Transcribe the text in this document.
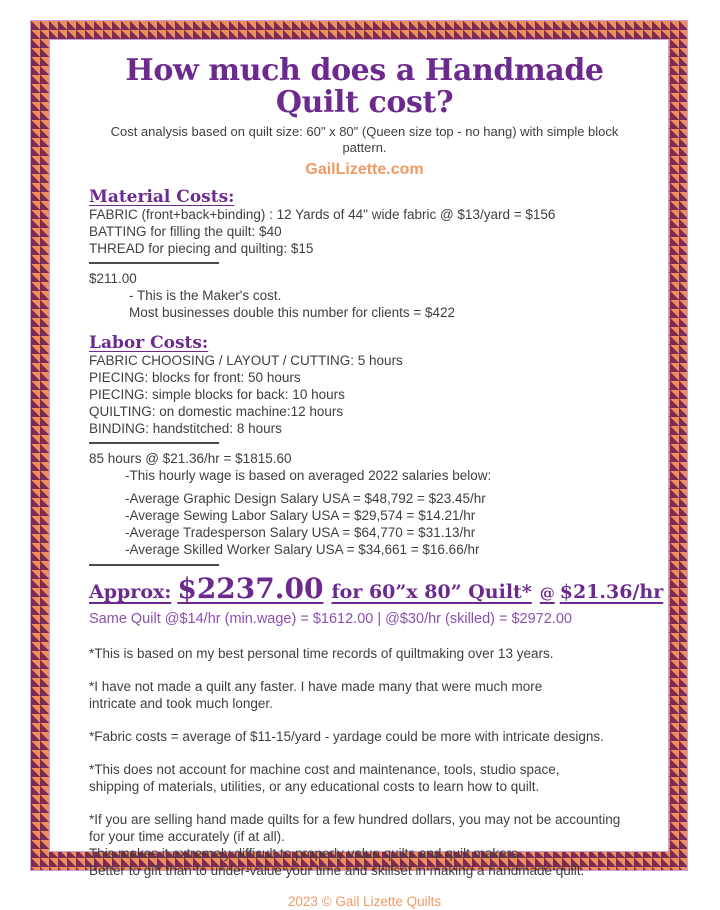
How much does a Handmade Quilt cost?

Cost analysis based on quilt size: 60" x 80" (Queen size top - no hang) with simple block pattern.

GailLizette.com
Material Costs:
FABRIC (front+back+binding) : 12 Yards of 44" wide fabric @ $13/yard = $156
BATTING for filling the quilt: $40
THREAD for piecing and quilting: $15
$211.00
- This is the Maker's cost.
Most businesses double this number for clients = $422
Labor Costs:
FABRIC CHOOSING / LAYOUT / CUTTING: 5 hours
PIECING: blocks for front: 50 hours
PIECING: simple blocks for back: 10 hours
QUILTING: on domestic machine:12 hours
BINDING: handstitched: 8 hours
85 hours @ $21.36/hr = $1815.60
-This hourly wage is based on averaged 2022 salaries below:
-Average Graphic Design Salary USA = $48,792 = $23.45/hr
-Average Sewing Labor Salary USA = $29,574 = $14.21/hr
-Average Tradesperson Salary USA = $64,770 = $31.13/hr
-Average Skilled Worker Salary USA = $34,661 = $16.66/hr
Approx: $2237.00 for 60”x 80” Quilt* @ $21.36/hr
Same Quilt @$14/hr (min.wage) = $1612.00 | @$30/hr (skilled) = $2972.00
*This is based on my best personal time records of quiltmaking over 13 years.
*I have not made a quilt any faster. I have made many that were much more
intricate and took much longer.
*Fabric costs = average of $11-15/yard - yardage could be more with intricate designs.
*This does not account for machine cost and maintenance, tools, studio space,
shipping of materials, utilities, or any educational costs to learn how to quilt.
*If you are selling hand made quilts for a few hundred dollars, you may not be accounting
for your time accurately (if at all).
This makes it extremely difficult to properly value quilts and quilt makers.
Better to gift than to under-value your time and skillset in making a handmade quilt.
2023 © Gail Lizette Quilts
